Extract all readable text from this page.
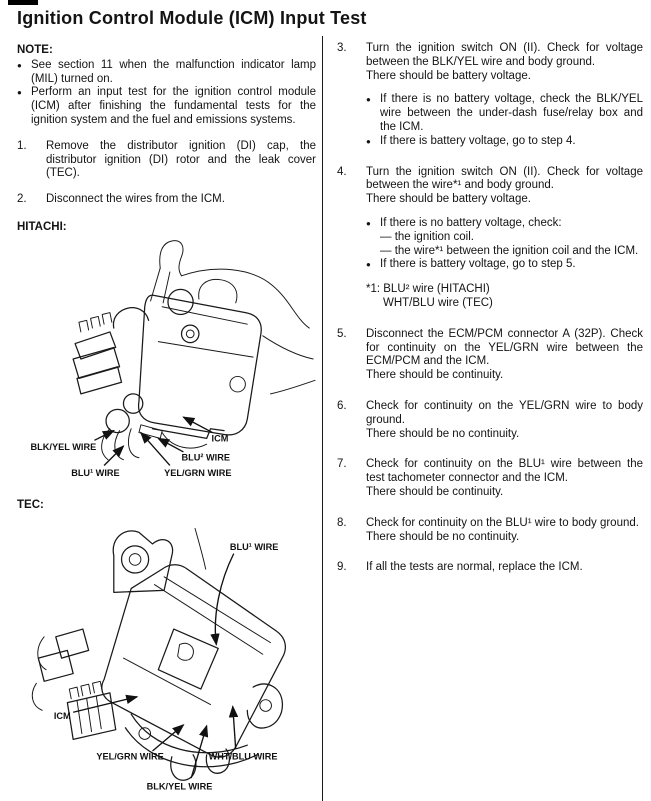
Ignition Control Module (ICM) Input Test
NOTE:
● See section 11 when the malfunction indicator lamp (MIL) turned on.
● Perform an input test for the ignition control module (ICM) after finishing the fundamental tests for the ignition system and the fuel and emissions systems.
1.	Remove the distributor ignition (DI) cap, the distributor ignition (DI) rotor and the leak cover (TEC).
2.	Disconnect the wires from the ICM.
HITACHI:
BLK/YEL WIRE
BLU¹ WIRE	YEL/GRN WIRE
BLU² WIRE
ICM
TEC:
BLU¹ WIRE
ICM
YEL/GRN WIRE	WHT/BLU WIRE
BLK/YEL WIRE
3.	Turn the ignition switch ON (II). Check for voltage between the BLK/YEL wire and body ground.
There should be battery voltage.
● If there is no battery voltage, check the BLK/YEL wire between the under-dash fuse/relay box and the ICM.
● If there is battery voltage, go to step 4.
4.	Turn the ignition switch ON (II). Check for voltage between the wire*¹ and body ground.
There should be battery voltage.
● If there is no battery voltage, check:
— the ignition coil.
— the wire*¹ between the ignition coil and the ICM.
● If there is battery voltage, go to step 5.
*1: BLU² wire (HITACHI)
WHT/BLU wire (TEC)
5.	Disconnect the ECM/PCM connector A (32P). Check for continuity on the YEL/GRN wire between the ECM/PCM and the ICM.
There should be continuity.
6.	Check for continuity on the YEL/GRN wire to body ground.
There should be no continuity.
7.	Check for continuity on the BLU¹ wire between the test tachometer connector and the ICM.
There should be continuity.
8.	Check for continuity on the BLU¹ wire to body ground.
There should be no continuity.
9.	If all the tests are normal, replace the ICM.
